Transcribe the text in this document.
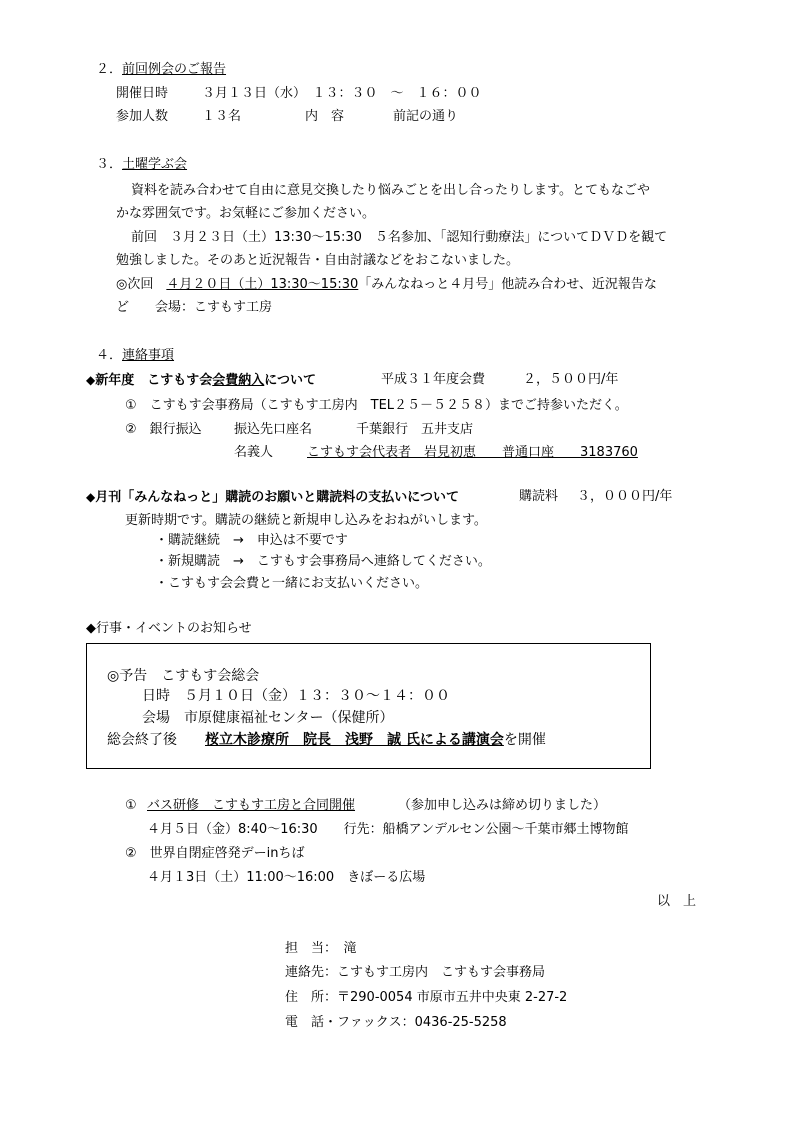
２．前回例会のご報告
開催日時	３月１３日（水）　１３：３０　～　１６：００
参加人数	１３名	内　容	前記の通り
３．土曜学ぶ会
資料を読み合わせて自由に意見交換したり悩みごとを出し合ったりします。とてもなごや
かな雰囲気です。お気軽にご参加ください。
前回　３月２３日（土）13:30～15:30　５名参加、「認知行動療法」についてＤＶＤを観て
勉強しました。そのあと近況報告・自由討議などをおこないました。
◎次回　４月２０日（土）13:30～15:30「みんなねっと４月号」他読み合わせ、近況報告な
ど　　会場：こすもす工房
４．連絡事項
◆新年度　こすもす会会費納入について	平成３１年度会費	２，５００円/年
①　こすもす会事務局（こすもす工房内　TEL２５－５２５８）までご持参いただく。
②　銀行振込 振込先口座名	千葉銀行　五井支店
名義人	こすもす会代表者　岩見初恵　　普通口座　　3183760
◆月刊「みんなねっと」購読のお願いと購読料の支払いについて	購読料 ３，０００円/年
更新時期です。購読の継続と新規申し込みをおねがいします。
・購読継続　→　申込は不要です
・新規購読　→　こすもす会事務局へ連絡してください。
・こすもす会会費と一緒にお支払いください。
◆行事・イベントのお知らせ
◎予告　こすもす会総会
日時　５月１０日（金）１３：３０～１４：００
会場　市原健康福祉センター（保健所）
総会終了後　　桜立木診療所　院長　浅野　誠 氏による講演会を開催
① バス研修　こすもす工房と合同開催	（参加申し込みは締め切りました）
４月５日（金）8:40～16:30　　行先：船橋アンデルセン公園～千葉市郷土博物館
②　世界自閉症啓発デーinちば
４月１3日（土）11:00～16:00　きぼーる広場
以　上
担　当：　滝
連絡先：こすもす工房内　こすもす会事務局
住　所：〒290-0054 市原市五井中央東 2-27-2
電　話・ファックス：0436-25-5258
